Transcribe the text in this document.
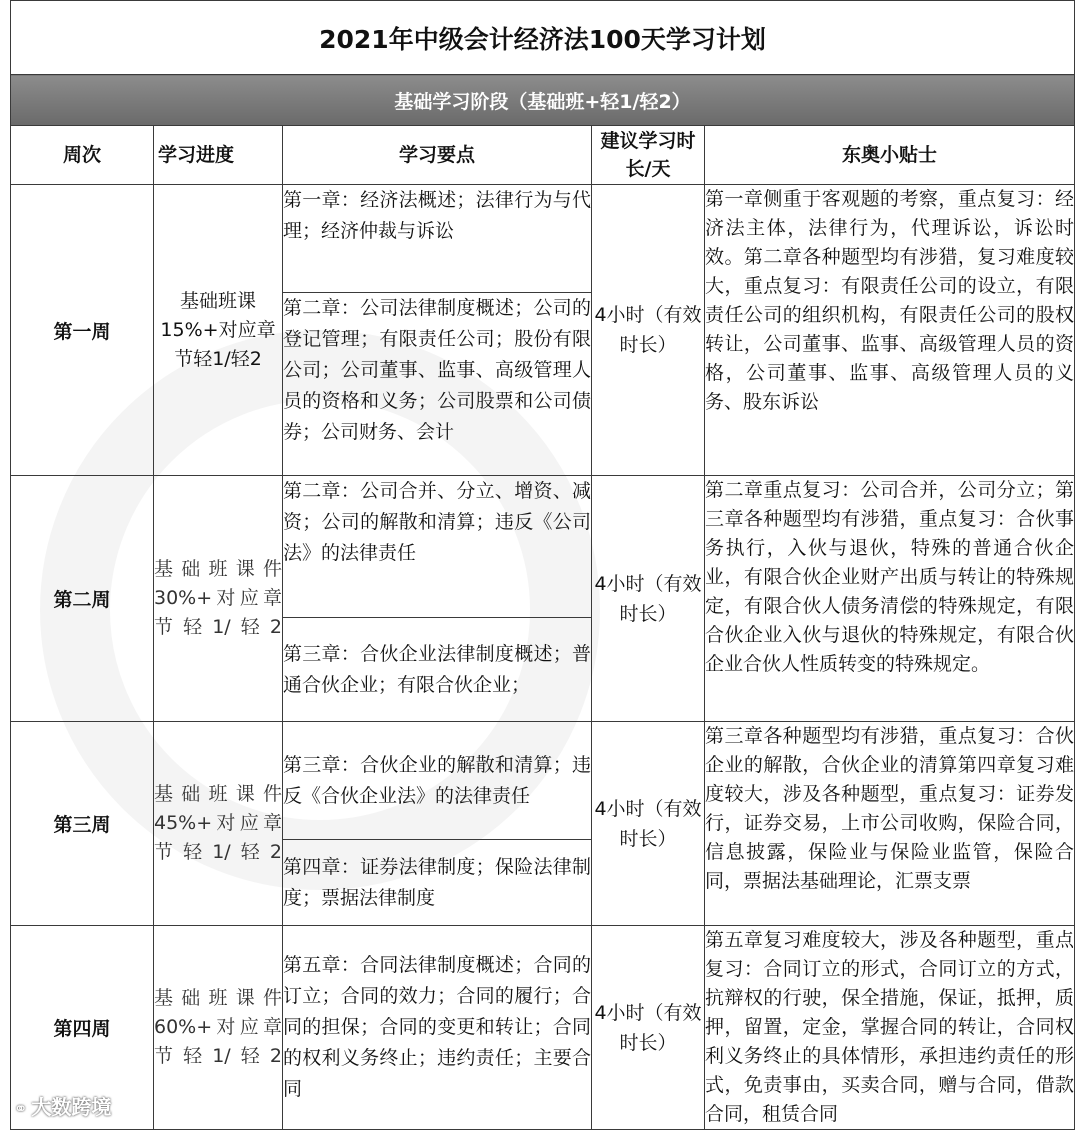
2021年中级会计经济法100天学习计划				
基础学习阶段（基础班+轻1/轻2）				
周次	学习进度	学习要点	建议学习时长/天	东奥小贴士
第一周	基础班课15%+对应章节轻1/轻2	第一章：经济法概述；法律行为与代理；经济仲裁与诉讼	4小时（有效时长）	第一章侧重于客观题的考察，重点复习：经济法主体，法律行为，代理诉讼，诉讼时效。第二章各种题型均有涉猎，复习难度较大，重点复习：有限责任公司的设立，有限责任公司的组织机构，有限责任公司的股权转让，公司董事、监事、高级管理人员的资格，公司董事、监事、高级管理人员的义务、股东诉讼
		第二章：公司法律制度概述；公司的登记管理；有限责任公司；股份有限公司；公司董事、监事、高级管理人员的资格和义务；公司股票和公司债券；公司财务、会计		
第二周	基础班课件30%+对应章节轻1/轻2	第二章：公司合并、分立、增资、减资；公司的解散和清算；违反《公司法》的法律责任	4小时（有效时长）	第二章重点复习：公司合并，公司分立；第三章各种题型均有涉猎，重点复习：合伙事务执行，入伙与退伙，特殊的普通合伙企业，有限合伙企业财产出质与转让的特殊规定，有限合伙人债务清偿的特殊规定，有限合伙企业入伙与退伙的特殊规定，有限合伙企业合伙人性质转变的特殊规定。
		第三章：合伙企业法律制度概述；普通合伙企业；有限合伙企业；		
第三周	基础班课件45%+对应章节轻1/轻2	第三章：合伙企业的解散和清算；违反《合伙企业法》的法律责任	4小时（有效时长）	第三章各种题型均有涉猎，重点复习：合伙企业的解散，合伙企业的清算第四章复习难度较大，涉及各种题型，重点复习：证券发行，证券交易，上市公司收购，保险合同，信息披露，保险业与保险业监管，保险合同，票据法基础理论，汇票支票
		第四章：证券法律制度；保险法律制度；票据法律制度		
第四周	基础班课件60%+对应章节轻1/轻2	第五章：合同法律制度概述；合同的订立；合同的效力；合同的履行；合同的担保；合同的变更和转让；合同的权利义务终止；违约责任；主要合同	4小时（有效时长）	第五章复习难度较大，涉及各种题型，重点复习：合同订立的形式，合同订立的方式，抗辩权的行驶，保全措施，保证，抵押，质押，留置，定金，掌握合同的转让，合同权利义务终止的具体情形，承担违约责任的形式，免责事由，买卖合同，赠与合同，借款合同，租赁合同
⚭ 大数跨境
